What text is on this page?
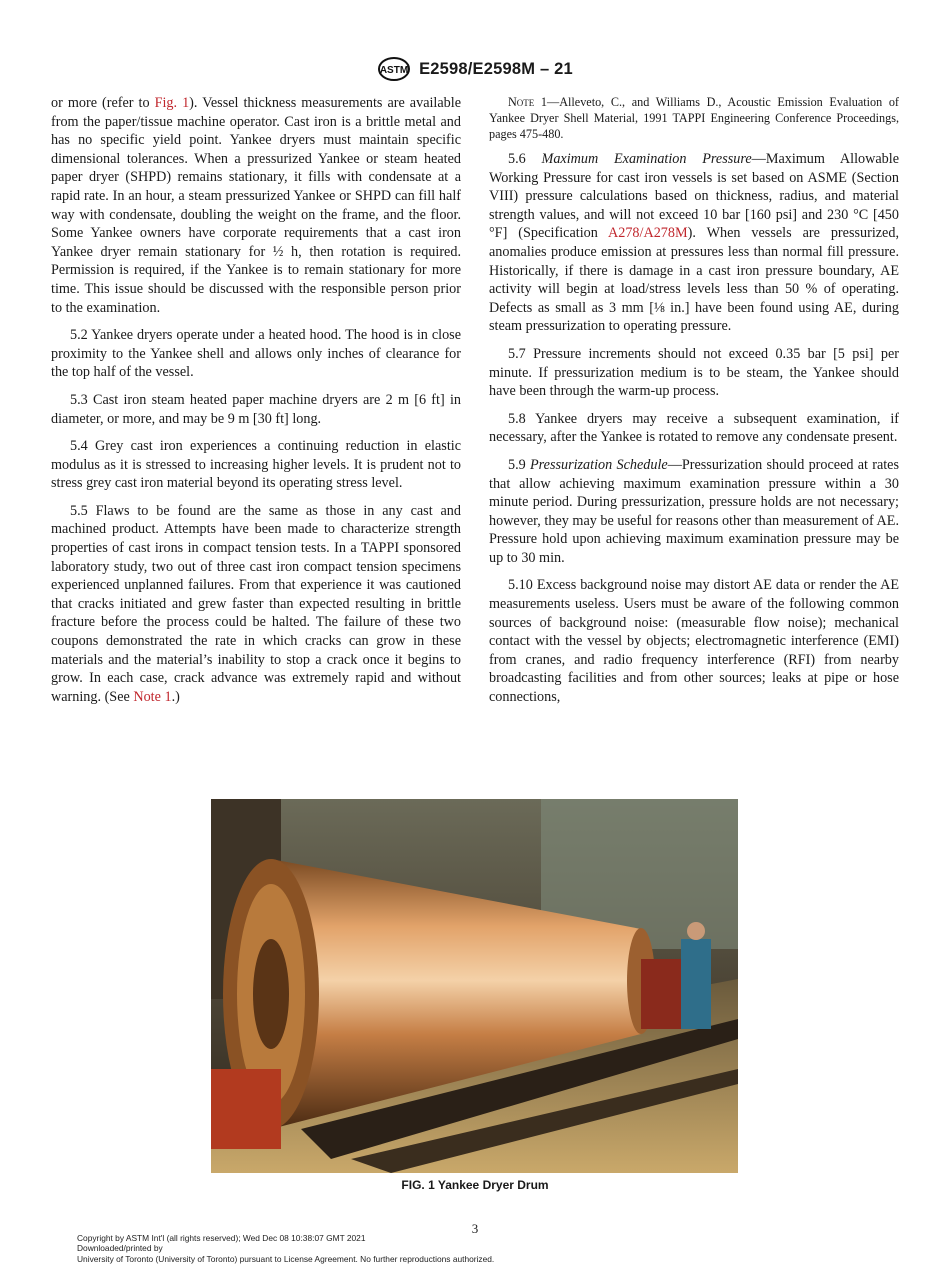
ASTM E2598/E2598M – 21

or more (refer to Fig. 1). Vessel thickness measurements are available from the paper/tissue machine operator. Cast iron is a brittle metal and has no specific yield point. Yankee dryers must maintain specific dimensional tolerances. When a pressurized Yankee or steam heated paper dryer (SHPD) remains stationary, it fills with condensate at a rapid rate. In an hour, a steam pressurized Yankee or SHPD can fill half way with condensate, doubling the weight on the frame, and the floor. Some Yankee owners have corporate requirements that a cast iron Yankee dryer remain stationary for ½ h, then rotation is required. Permission is required, if the Yankee is to remain stationary for more time. This issue should be discussed with the responsible person prior to the examination.

5.2 Yankee dryers operate under a heated hood. The hood is in close proximity to the Yankee shell and allows only inches of clearance for the top half of the vessel.

5.3 Cast iron steam heated paper machine dryers are 2 m [6 ft] in diameter, or more, and may be 9 m [30 ft] long.

5.4 Grey cast iron experiences a continuing reduction in elastic modulus as it is stressed to increasing higher levels. It is prudent not to stress grey cast iron material beyond its operating stress level.

5.5 Flaws to be found are the same as those in any cast and machined product. Attempts have been made to characterize strength properties of cast irons in compact tension tests. In a TAPPI sponsored laboratory study, two out of three cast iron compact tension specimens experienced unplanned failures. From that experience it was cautioned that cracks initiated and grew faster than expected resulting in brittle fracture before the process could be halted. The failure of these two coupons demonstrated the rate in which cracks can grow in these materials and the material’s inability to stop a crack once it begins to grow. In each case, crack advance was extremely rapid and without warning. (See Note 1.)

Note 1—Alleveto, C., and Williams D., Acoustic Emission Evaluation of Yankee Dryer Shell Material, 1991 TAPPI Engineering Conference Proceedings, pages 475-480.

5.6 Maximum Examination Pressure—Maximum Allowable Working Pressure for cast iron vessels is set based on ASME (Section VIII) pressure calculations based on thickness, radius, and material strength values, and will not exceed 10 bar [160 psi] and 230 °C [450 °F] (Specification A278/A278M). When vessels are pressurized, anomalies produce emission at pressures less than normal fill pressure. Historically, if there is damage in a cast iron pressure boundary, AE activity will begin at load/stress levels less than 50 % of operating. Defects as small as 3 mm [⅛ in.] have been found using AE, during steam pressurization to operating pressure.

5.7 Pressure increments should not exceed 0.35 bar [5 psi] per minute. If pressurization medium is to be steam, the Yankee should have been through the warm-up process.

5.8 Yankee dryers may receive a subsequent examination, if necessary, after the Yankee is rotated to remove any condensate present.

5.9 Pressurization Schedule—Pressurization should proceed at rates that allow achieving maximum examination pressure within a 30 minute period. During pressurization, pressure holds are not necessary; however, they may be useful for reasons other than measurement of AE. Pressure hold upon achieving maximum examination pressure may be up to 30 min.

5.10 Excess background noise may distort AE data or render the AE measurements useless. Users must be aware of the following common sources of background noise: (measurable flow noise); mechanical contact with the vessel by objects; electromagnetic interference (EMI) from cranes, and radio frequency interference (RFI) from nearby broadcasting facilities and from other sources; leaks at pipe or hose connections,

FIG. 1 Yankee Dryer Drum
3
Copyright by ASTM Int'l (all rights reserved); Wed Dec 08 10:38:07 GMT 2021
Downloaded/printed by
University of Toronto (University of Toronto) pursuant to License Agreement. No further reproductions authorized.
